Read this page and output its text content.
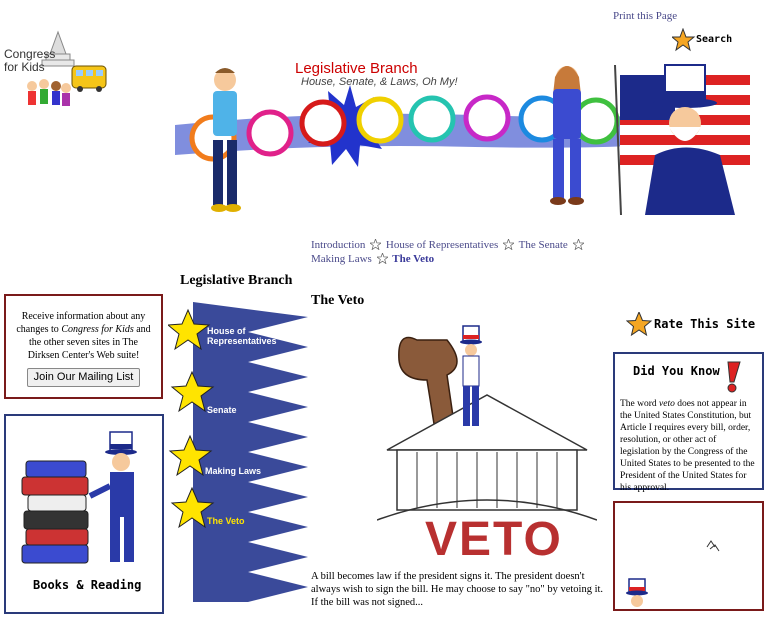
Congress
for Kids
Print this Page
Search
Legislative Branch
House, Senate, & Laws, Oh My!
Introduction House of Representatives The Senate  Making Laws The Veto
Receive information about any changes to Congress for Kids and the other seven sites in The Dirksen Center's Web suite!
Join Our Mailing List
Books & Reading
Legislative Branch
House of Representatives
Senate
Making Laws
The Veto
The Veto
VETO
A bill becomes law if the president signs it. The president doesn't always wish to sign the bill. He may choose to say "no" by vetoing it. If the bill was not signed...
Rate This Site
The word veto does not appear in the United States Constitution, but Article I requires every bill, order, resolution, or other act of legislation by the Congress of the United States to be presented to the President of the United States for his approval.
Did You Know
